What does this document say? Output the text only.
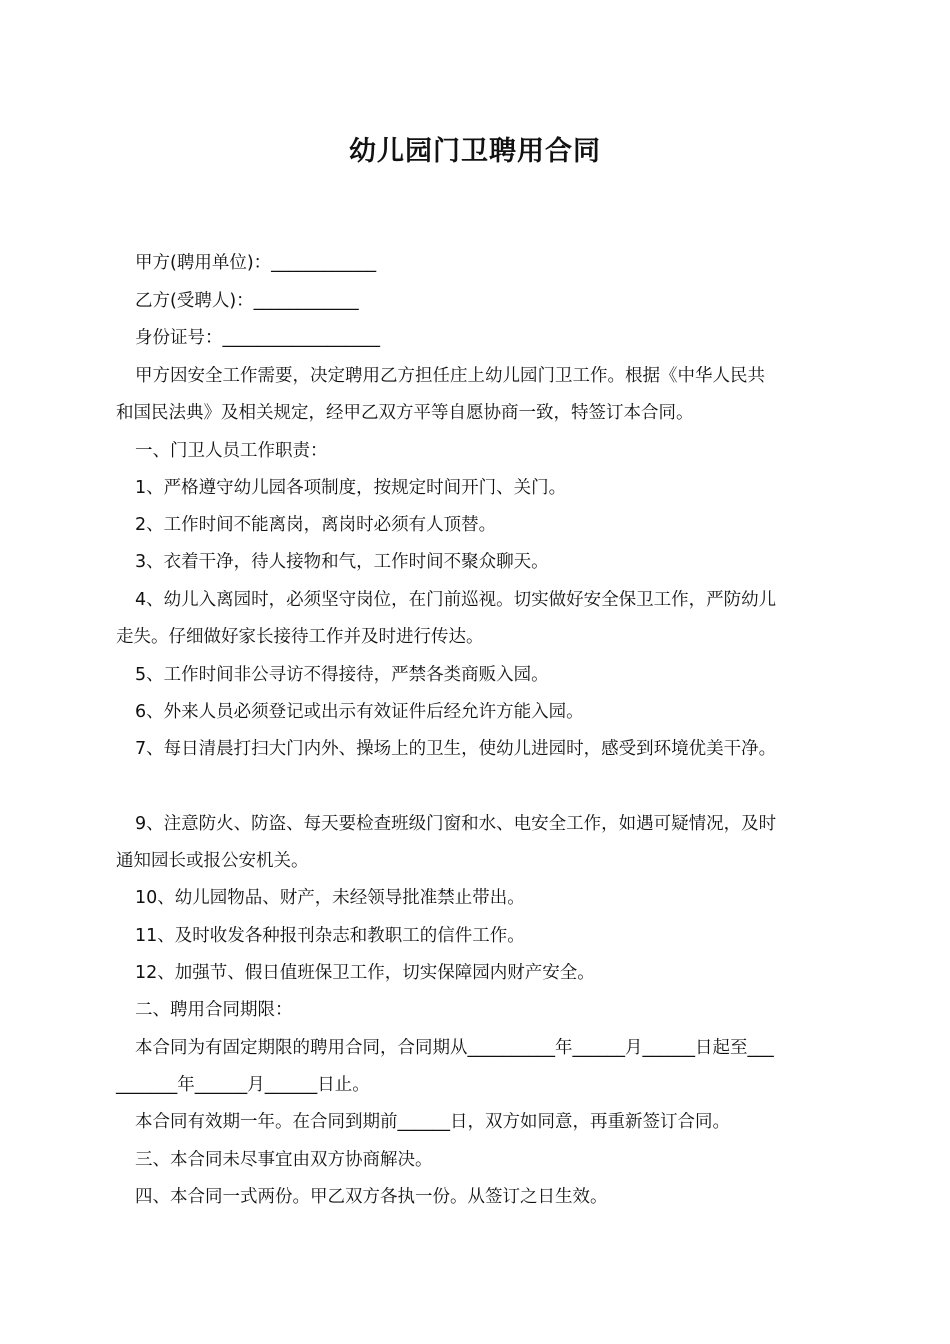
幼儿园门卫聘用合同
甲方(聘用单位)：____________
乙方(受聘人)：____________
身份证号：__________________
甲方因安全工作需要，决定聘用乙方担任庄上幼儿园门卫工作。根据《中华人民共
和国民法典》及相关规定，经甲乙双方平等自愿协商一致，特签订本合同。
一、门卫人员工作职责：
1、严格遵守幼儿园各项制度，按规定时间开门、关门。
2、工作时间不能离岗，离岗时必须有人顶替。
3、衣着干净，待人接物和气，工作时间不聚众聊天。
4、幼儿入离园时，必须坚守岗位，在门前巡视。切实做好安全保卫工作，严防幼儿
走失。仔细做好家长接待工作并及时进行传达。
5、工作时间非公寻访不得接待，严禁各类商贩入园。
6、外来人员必须登记或出示有效证件后经允许方能入园。
7、每日清晨打扫大门内外、操场上的卫生，使幼儿进园时，感受到环境优美干净。
9、注意防火、防盗、每天要检查班级门窗和水、电安全工作，如遇可疑情况，及时
通知园长或报公安机关。
10、幼儿园物品、财产，未经领导批准禁止带出。
11、及时收发各种报刊杂志和教职工的信件工作。
12、加强节、假日值班保卫工作，切实保障园内财产安全。
二、聘用合同期限：
本合同为有固定期限的聘用合同，合同期从__________年______月______日起至___
_______年______月______日止。
本合同有效期一年。在合同到期前______日，双方如同意，再重新签订合同。
三、本合同未尽事宜由双方协商解决。
四、本合同一式两份。甲乙双方各执一份。从签订之日生效。
